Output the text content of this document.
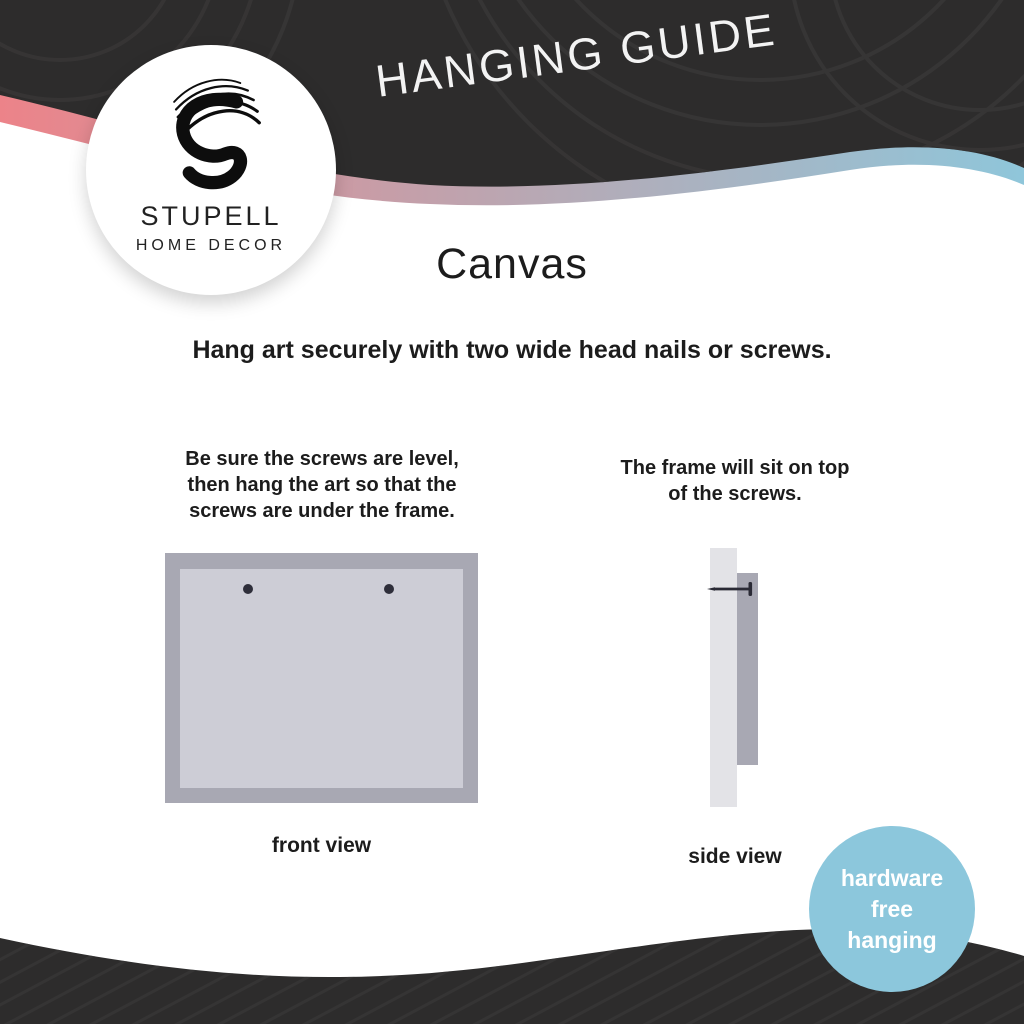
HANGING GUIDE
STUPELL
HOME DECOR	Canvas
Hang art securely with two wide head nails or screws.
Be sure the screws are level,
then hang the art so that the
screws are under the frame.
front view
The frame will sit on top
of the screws.
side view
hardware
free
hanging
